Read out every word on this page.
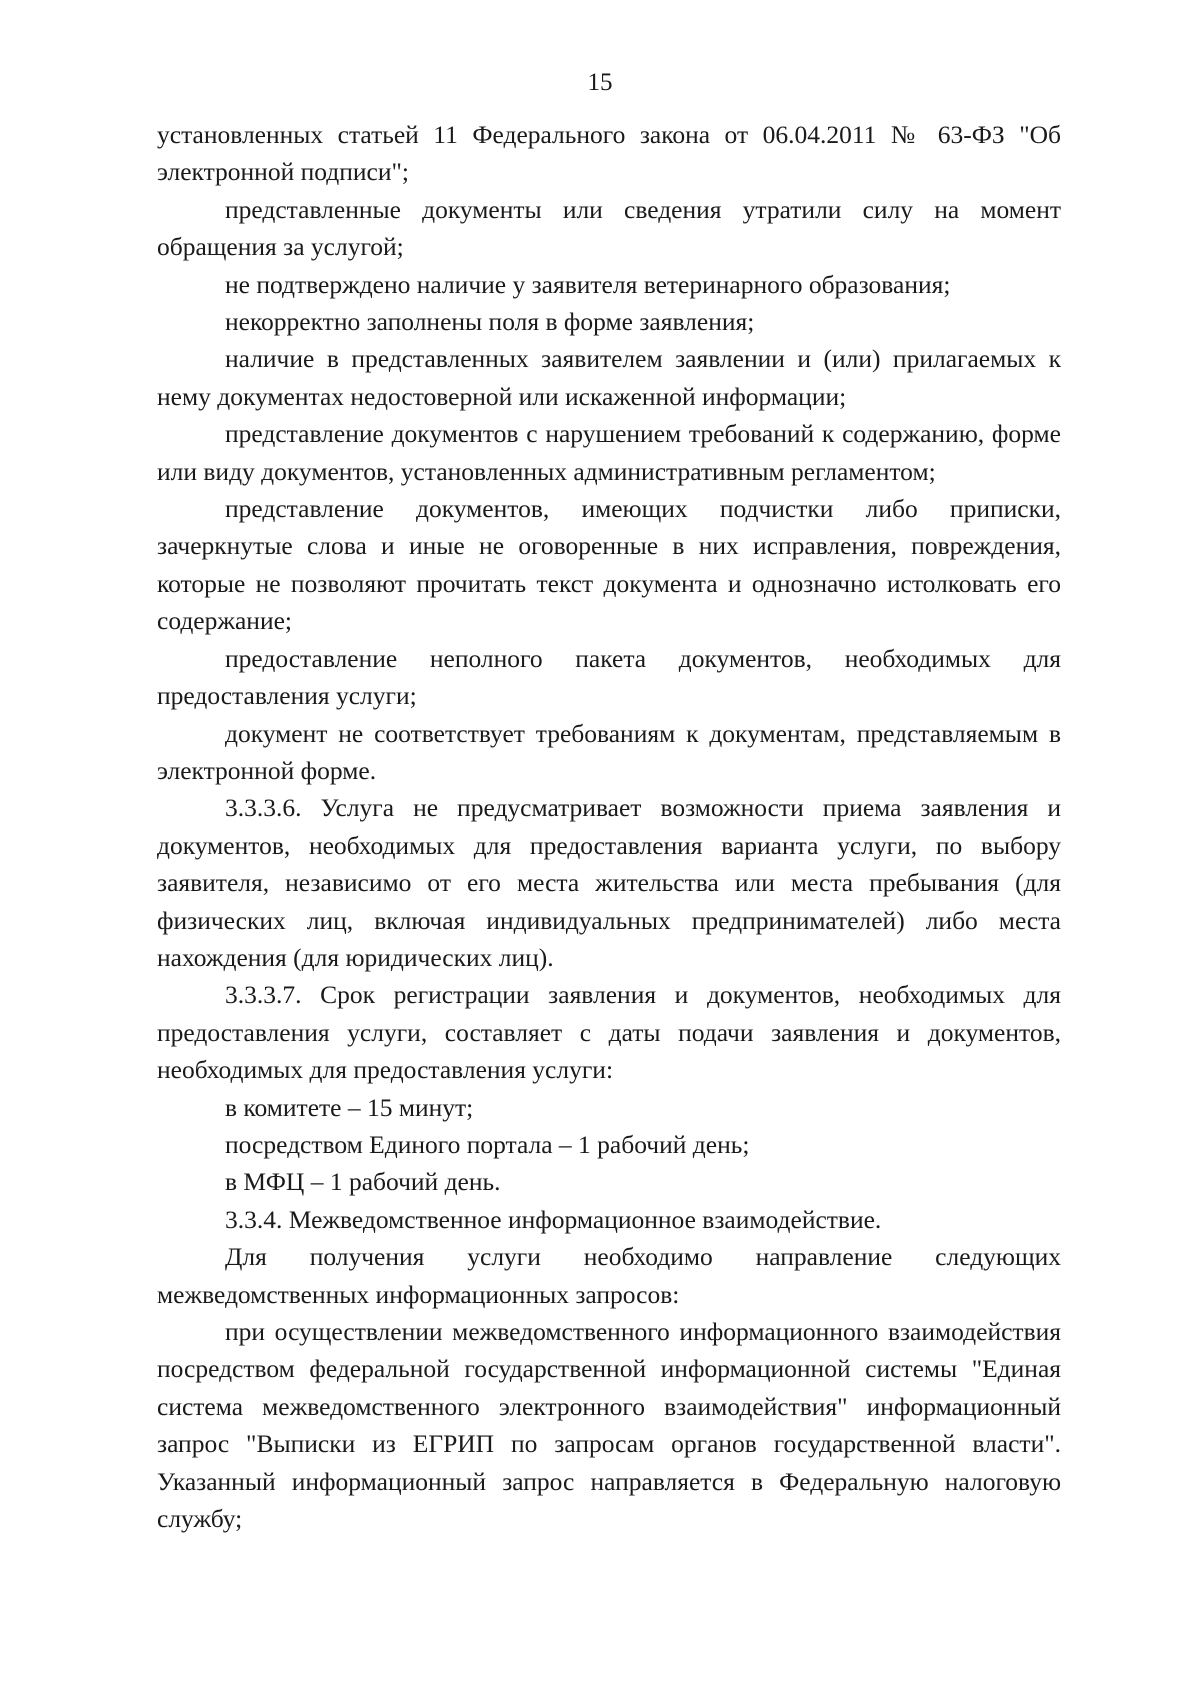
15

установленных статьей 11 Федерального закона от 06.04.2011 № 63-ФЗ "Об электронной подписи";

представленные документы или сведения утратили силу на момент обращения за услугой;

не подтверждено наличие у заявителя ветеринарного образования;

некорректно заполнены поля в форме заявления;

наличие в представленных заявителем заявлении и (или) прилагаемых к нему документах недостоверной или искаженной информации;

представление документов с нарушением требований к содержанию, форме или виду документов, установленных административным регламентом;

представление документов, имеющих подчистки либо приписки, зачеркнутые слова и иные не оговоренные в них исправления, повреждения, которые не позволяют прочитать текст документа и однозначно истолковать его содержание;

предоставление неполного пакета документов, необходимых для предоставления услуги;

документ не соответствует требованиям к документам, представляемым в электронной форме.

3.3.3.6. Услуга не предусматривает возможности приема заявления и документов, необходимых для предоставления варианта услуги, по выбору заявителя, независимо от его места жительства или места пребывания (для физических лиц, включая индивидуальных предпринимателей) либо места нахождения (для юридических лиц).

3.3.3.7. Срок регистрации заявления и документов, необходимых для предоставления услуги, составляет с даты подачи заявления и документов, необходимых для предоставления услуги:

в комитете – 15 минут;

посредством Единого портала – 1 рабочий день;

в МФЦ – 1 рабочий день.

3.3.4. Межведомственное информационное взаимодействие.

Для получения услуги необходимо направление следующих межведомственных информационных запросов:

при осуществлении межведомственного информационного взаимодействия посредством федеральной государственной информационной системы "Единая система межведомственного электронного взаимодействия" информационный запрос "Выписки из ЕГРИП по запросам органов государственной власти". Указанный информационный запрос направляется в Федеральную налоговую службу;
